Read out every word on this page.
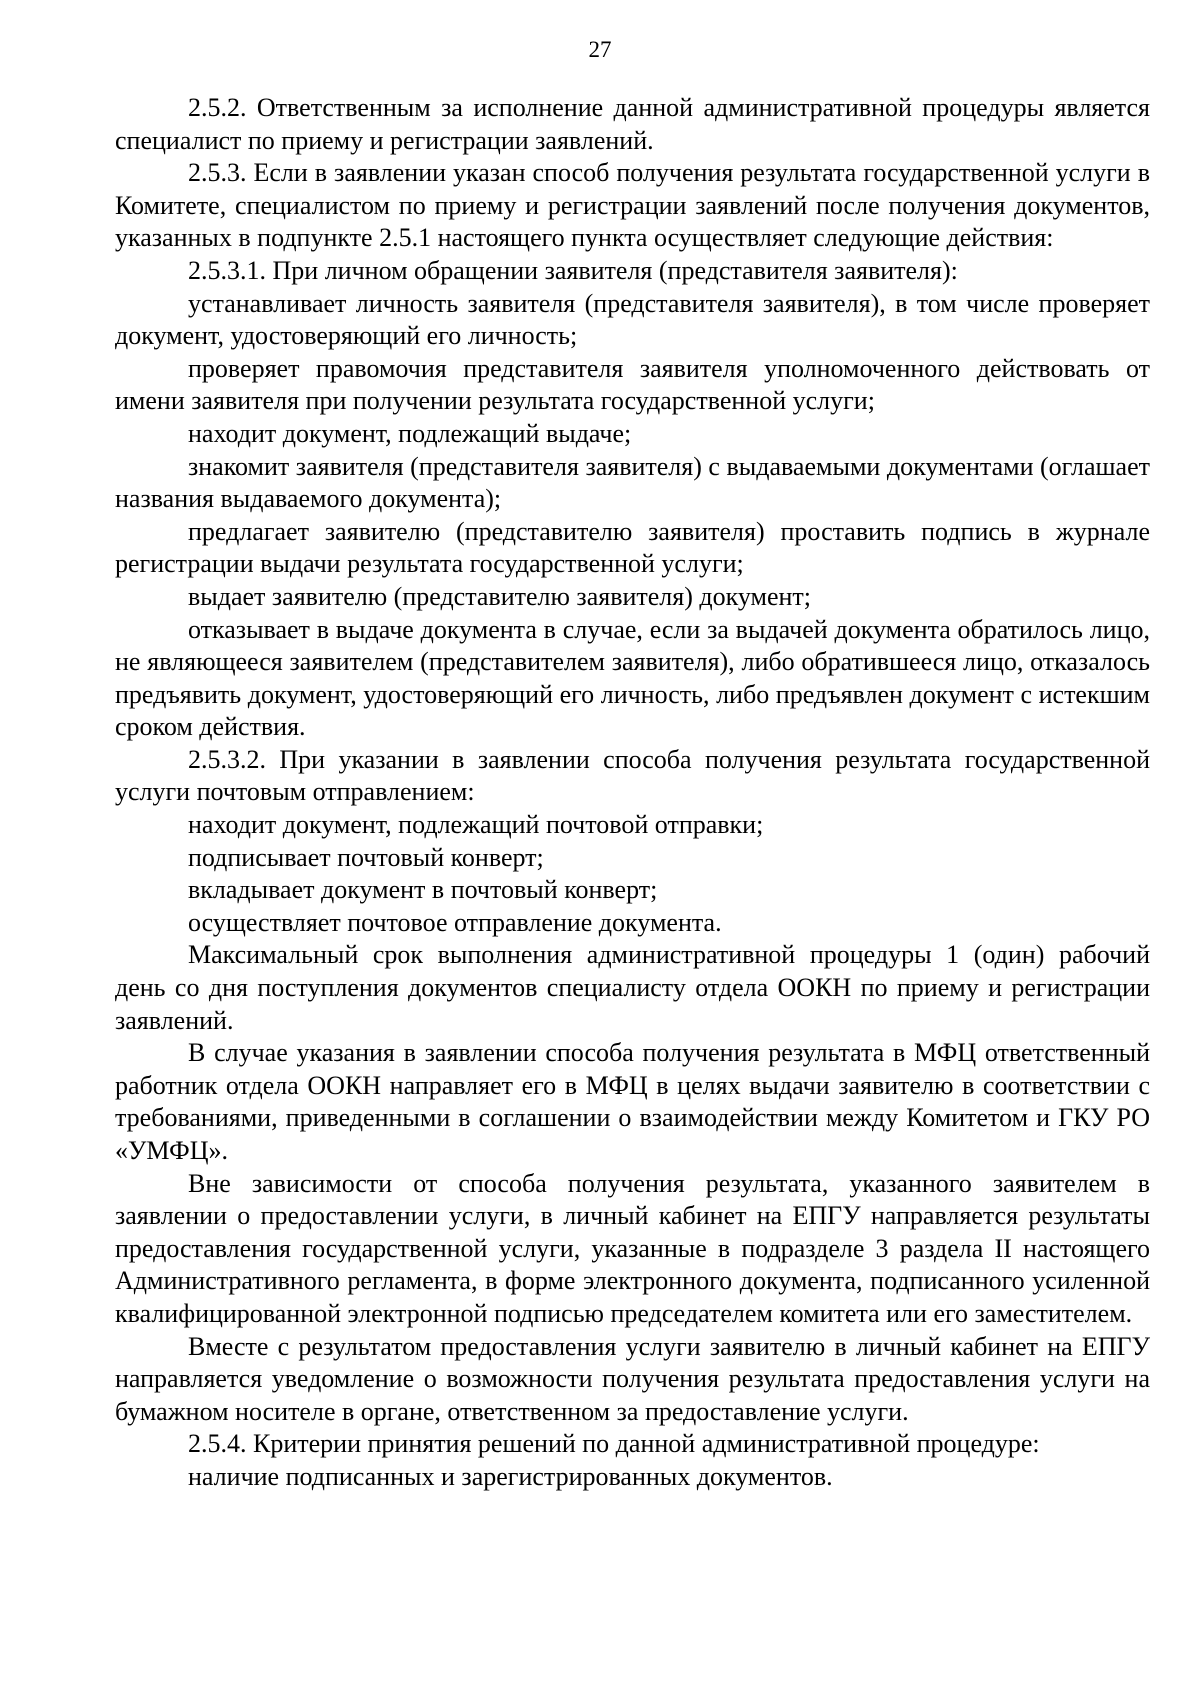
27

2.5.2. Ответственным за исполнение данной административной процедуры является специалист по приему и регистрации заявлений.

2.5.3. Если в заявлении указан способ получения результата государственной услуги в Комитете, специалистом по приему и регистрации заявлений после получения документов, указанных в подпункте 2.5.1 настоящего пункта осуществляет следующие действия:

2.5.3.1. При личном обращении заявителя (представителя заявителя):

устанавливает личность заявителя (представителя заявителя), в том числе проверяет документ, удостоверяющий его личность;

проверяет правомочия представителя заявителя уполномоченного действовать от имени заявителя при получении результата государственной услуги;

находит документ, подлежащий выдаче;

знакомит заявителя (представителя заявителя) с выдаваемыми документами (оглашает названия выдаваемого документа);

предлагает заявителю (представителю заявителя) проставить подпись в журнале регистрации выдачи результата государственной услуги;

выдает заявителю (представителю заявителя) документ;

отказывает в выдаче документа в случае, если за выдачей документа обратилось лицо, не являющееся заявителем (представителем заявителя), либо обратившееся лицо, отказалось предъявить документ, удостоверяющий его личность, либо предъявлен документ с истекшим сроком действия.

2.5.3.2. При указании в заявлении способа получения результата государственной услуги почтовым отправлением:

находит документ, подлежащий почтовой отправки;

подписывает почтовый конверт;

вкладывает документ в почтовый конверт;

осуществляет почтовое отправление документа.

Максимальный срок выполнения административной процедуры 1 (один) рабочий день со дня поступления документов специалисту отдела ООКН по приему и регистрации заявлений.

В случае указания в заявлении способа получения результата в МФЦ ответственный работник отдела ООКН направляет его в МФЦ в целях выдачи заявителю в соответствии с требованиями, приведенными в соглашении о взаимодействии между Комитетом и ГКУ РО «УМФЦ».

Вне зависимости от способа получения результата, указанного заявителем в заявлении о предоставлении услуги, в личный кабинет на ЕПГУ направляется результаты предоставления государственной услуги, указанные в подразделе 3 раздела II настоящего Административного регламента, в форме электронного документа, подписанного усиленной квалифицированной электронной подписью председателем комитета или его заместителем.

Вместе с результатом предоставления услуги заявителю в личный кабинет на ЕПГУ направляется уведомление о возможности получения результата предоставления услуги на бумажном носителе в органе, ответственном за предоставление услуги.

2.5.4. Критерии принятия решений по данной административной процедуре:

наличие подписанных и зарегистрированных документов.
